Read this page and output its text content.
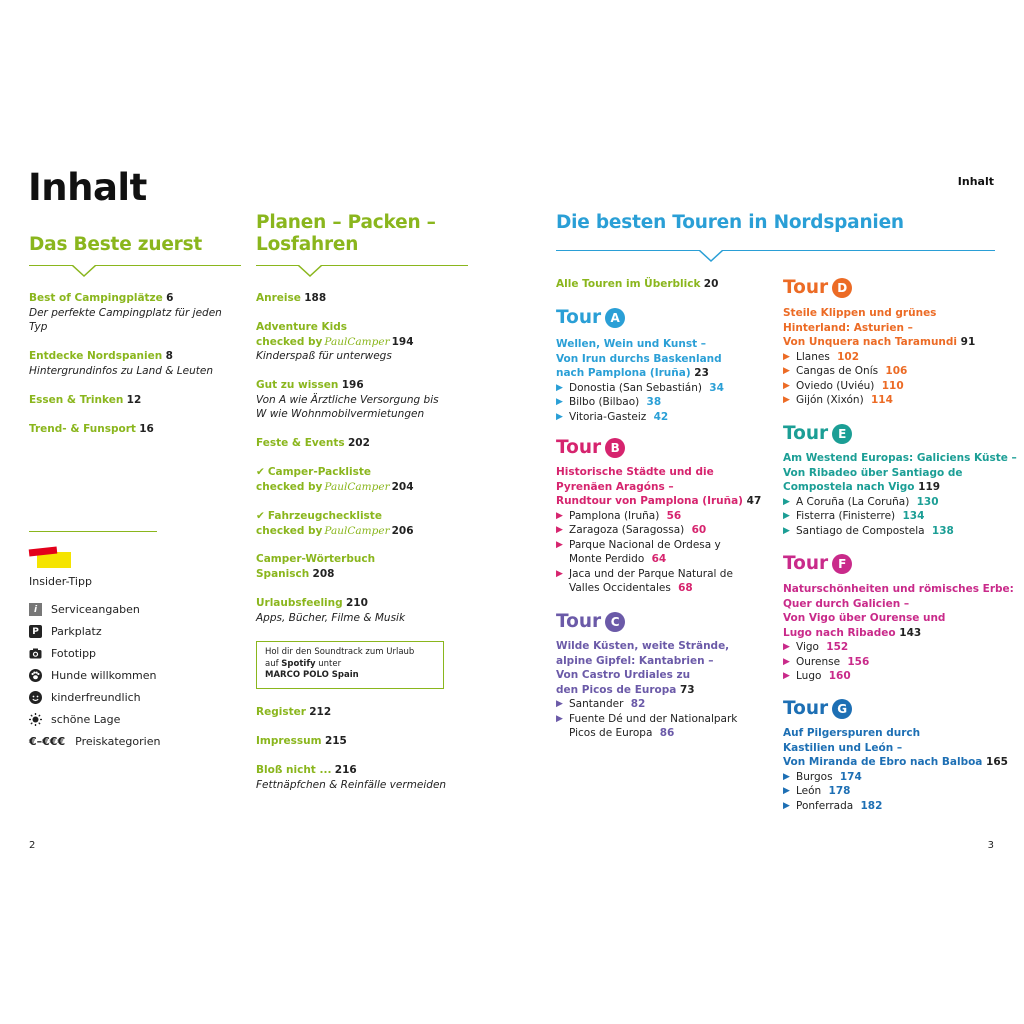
Inhalt	Inhalt
Das Beste zuerst
Best of Campingplätze 6
Der perfekte Campingplatz für jeden Typ
Entdecke Nordspanien 8
Hintergrundinfos zu Land & Leuten
Essen & Trinken 12
Trend- & Funsport 16
Insider-Tipp
i	Serviceangaben
P Parkplatz
Fototipp
Hunde willkommen
kinderfreundlich
schöne Lage
€–€€€ Preiskategorien
2
Planen – Packen –
Losfahren
Anreise 188
Adventure Kids
checked by PaulCamper 194
Kinderspaß für unterwegs
Gut zu wissen 196
Von A wie Ärztliche Versorgung bis
W wie Wohnmobilvermietungen
Feste & Events 202
✔ Camper-Packliste
checked by PaulCamper 204
✔ Fahrzeugcheckliste
checked by PaulCamper 206
Camper-Wörterbuch
Spanisch 208
Urlaubsfeeling 210
Apps, Bücher, Filme & Musik
Hol dir den Soundtrack zum Urlaub
auf Spotify unter
MARCO POLO Spain
Register 212
Impressum 215
Bloß nicht ... 216
Fettnäpfchen & Reinfälle vermeiden
Die besten Touren in Nordspanien
Alle Touren im Überblick 20
Tour A
Wellen, Wein und Kunst –
Von Irun durchs Baskenland
nach Pamplona (Iruña) 23
▶ Donostia (San Sebastián)  34
▶ Bilbo (Bilbao)  38
▶ Vitoria-Gasteiz  42
Tour B
Historische Städte und die
Pyrenäen Aragóns –
Rundtour von Pamplona (Iruña) 47
▶ Pamplona (Iruña)  56
▶ Zaragoza (Saragossa)  60
▶ Parque Nacional de Ordesa y
Monte Perdido  64
▶ Jaca und der Parque Natural de
Valles Occidentales  68
Tour C
Wilde Küsten, weite Strände,
alpine Gipfel: Kantabrien –
Von Castro Urdiales zu
den Picos de Europa 73
▶ Santander  82
▶ Fuente Dé und der Nationalpark
Picos de Europa  86
Tour D
Steile Klippen und grünes
Hinterland: Asturien –
Von Unquera nach Taramundi 91
▶ Llanes  102
▶ Cangas de Onís  106
▶ Oviedo (Uviéu)  110
▶ Gijón (Xixón)  114
Tour E
Am Westend Europas: Galiciens Küste –
Von Ribadeo über Santiago de
Compostela nach Vigo 119
▶ A Coruña (La Coruña)  130
▶ Fisterra (Finisterre)  134
▶ Santiago de Compostela  138
Tour F
Naturschönheiten und römisches Erbe:
Quer durch Galicien –
Von Vigo über Ourense und
Lugo nach Ribadeo 143
▶ Vigo  152
▶ Ourense  156
▶ Lugo  160
Tour G
Auf Pilgerspuren durch
Kastilien und León –
Von Miranda de Ebro nach Balboa 165
▶ Burgos  174
▶ León  178
▶ Ponferrada  182
3
